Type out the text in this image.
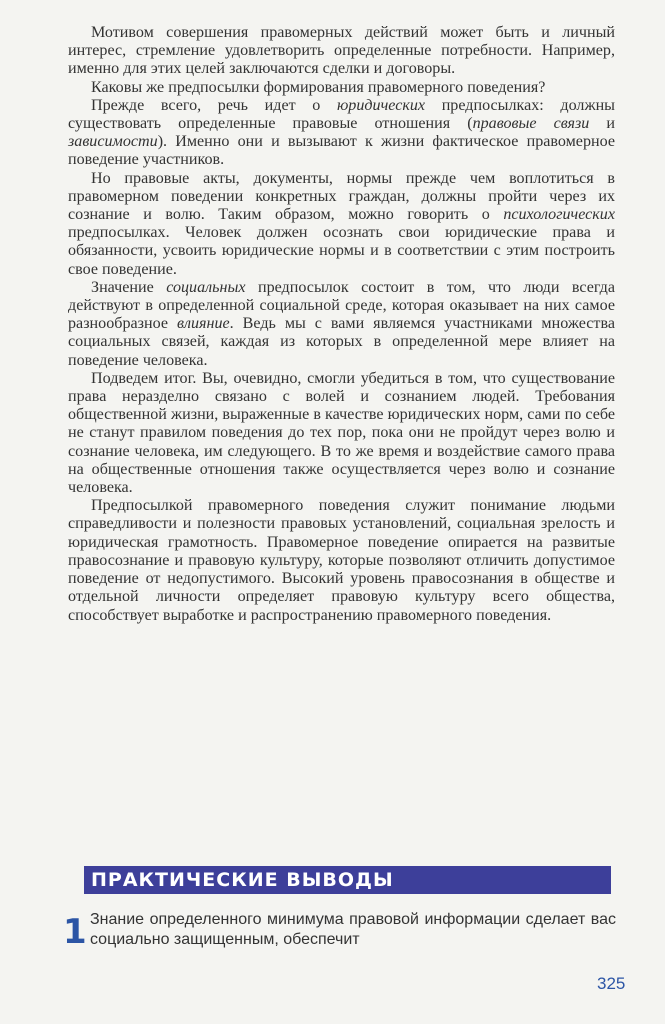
Мотивом совершения правомерных действий может быть и личный интерес, стремление удовлетворить определенные потребности. Например, именно для этих целей заключаются сделки и договоры.

Каковы же предпосылки формирования правомерного поведения?

Прежде всего, речь идет о юридических предпосылках: должны существовать определенные правовые отношения (правовые связи и зависимости). Именно они и вызывают к жизни фактическое правомерное поведение участников.

Но правовые акты, документы, нормы прежде чем воплотиться в правомерном поведении конкретных граждан, должны пройти через их сознание и волю. Таким образом, можно говорить о психологических предпосылках. Человек должен осознать свои юридические права и обязанности, усвоить юридические нормы и в соответствии с этим построить свое поведение.

Значение социальных предпосылок состоит в том, что люди всегда действуют в определенной социальной среде, которая оказывает на них самое разнообразное влияние. Ведь мы с вами являемся участниками множества социальных связей, каждая из которых в определенной мере влияет на поведение человека.

Подведем итог. Вы, очевидно, смогли убедиться в том, что существование права неразделно связано с волей и сознанием людей. Требования общественной жизни, выраженные в качестве юридических норм, сами по себе не станут правилом поведения до тех пор, пока они не пройдут через волю и сознание человека, им следующего. В то же время и воздействие самого права на общественные отношения также осуществляется через волю и сознание человека.

Предпосылкой правомерного поведения служит понимание людьми справедливости и полезности правовых установлений, социальная зрелость и юридическая грамотность. Правомерное поведение опирается на развитые правосознание и правовую культуру, которые позволяют отличить допустимое поведение от недопустимого. Высокий уровень правосознания в обществе и отдельной личности определяет правовую культуру всего общества, способствует выработке и распространению правомерного поведения.

ПРАКТИЧЕСКИЕ ВЫВОДЫ
1 Знание определенного минимума правовой информации сделает вас социально защищенным, обеспечит
325
